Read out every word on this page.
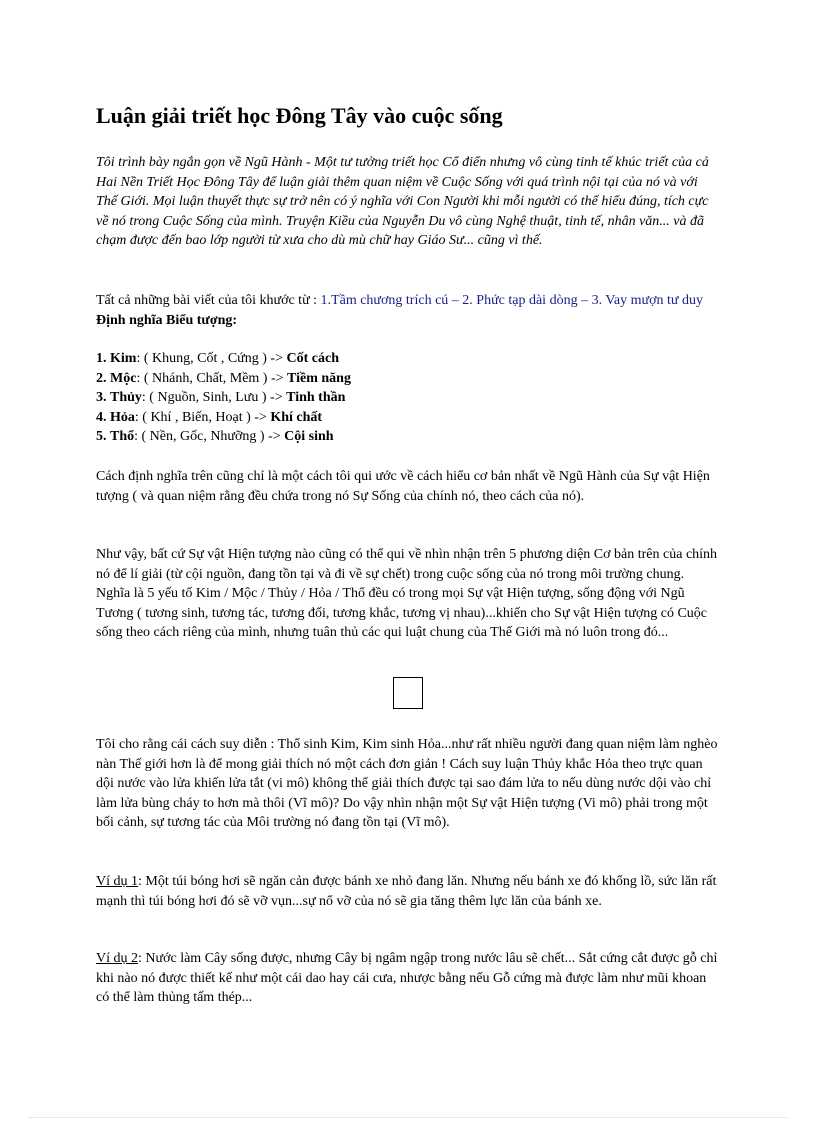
Luận giải triết học Đông Tây vào cuộc sống

Tôi trình bày ngắn gọn về Ngũ Hành - Một tư tưởng triết học Cổ điển nhưng vô cùng tinh tế khúc triết của cả Hai Nền Triết Học Đông Tây để luận giải thêm quan niệm về Cuộc Sống với quá trình nội tại của nó và với Thế Giới. Mọi luận thuyết thực sự trở nên có ý nghĩa với Con Người khi mỗi người có thể hiểu đúng, tích cực về nó trong Cuộc Sống của mình. Truyện Kiều của Nguyễn Du vô cùng Nghệ thuật, tinh tế, nhân văn... và đã chạm được đến bao lớp người từ xưa cho dù mù chữ hay Giáo Sư... cũng vì thế.

Tất cả những bài viết của tôi khước từ : 1.Tầm chương trích cú – 2. Phức tạp dài dòng – 3. Vay mượn tư duy Định nghĩa Biểu tượng:

1. Kim: ( Khung, Cốt , Cứng ) -> Cốt cách
2. Mộc: ( Nhánh, Chất, Mềm ) -> Tiềm năng
3. Thủy: ( Nguồn, Sinh, Lưu ) -> Tinh thần
4. Hỏa: ( Khí , Biến, Hoạt ) -> Khí chất
5. Thổ: ( Nền, Gốc, Nhưỡng ) -> Cội sinh

Cách định nghĩa trên cũng chỉ là một cách tôi qui ước về cách hiểu cơ bản nhất về Ngũ Hành của Sự vật Hiện tượng ( và quan niệm rằng đều chứa trong nó Sự Sống của chính nó, theo cách của nó).

Như vậy, bất cứ Sự vật Hiện tượng nào cũng có thể qui về nhìn nhận trên 5 phương diện Cơ bản trên của chính nó để lí giải (từ cội nguồn, đang tồn tại và đi về sự chết) trong cuộc sống của nó trong môi trường chung. Nghĩa là 5 yếu tố Kim / Mộc / Thủy / Hỏa / Thổ đều có trong mọi Sự vật Hiện tượng, sống động với Ngũ Tương ( tương sinh, tương tác, tương đối, tương khắc, tương vị nhau)...khiến cho Sự vật Hiện tượng có Cuộc sống theo cách riêng của mình, nhưng tuân thủ các qui luật chung của Thế Giới mà nó luôn trong đó...

Tôi cho rằng cái cách suy diễn : Thổ sinh Kim, Kim sinh Hỏa...như rất nhiều người đang quan niệm làm nghèo nàn Thế giới hơn là để mong giải thích nó một cách đơn giản ! Cách suy luận Thủy khắc Hỏa theo trực quan dội nước vào lửa khiến lửa tắt (vi mô) không thể giải thích được tại sao đám lửa to nếu dùng nước dội vào chỉ làm lửa bùng cháy to hơn mà thôi (Vĩ mô)? Do vậy nhìn nhận một Sự vật Hiện tượng (Vi mô) phải trong một bối cảnh, sự tương tác của Môi trường nó đang tồn tại (Vĩ mô).

Ví dụ 1: Một túi bóng hơi sẽ ngăn cản được bánh xe nhỏ đang lăn. Nhưng nếu bánh xe đó khổng lồ, sức lăn rất mạnh thì túi bóng hơi đó sẽ vỡ vụn...sự nổ vỡ của nó sẽ gia tăng thêm lực lăn của bánh xe.

Ví dụ 2: Nước làm Cây sống được, nhưng Cây bị ngâm ngập trong nước lâu sẽ chết... Sắt cứng cắt được gỗ chỉ khi nào nó được thiết kế như một cái dao hay cái cưa, nhược bằng nếu Gỗ cứng mà được làm như mũi khoan có thể làm thủng tấm thép...
